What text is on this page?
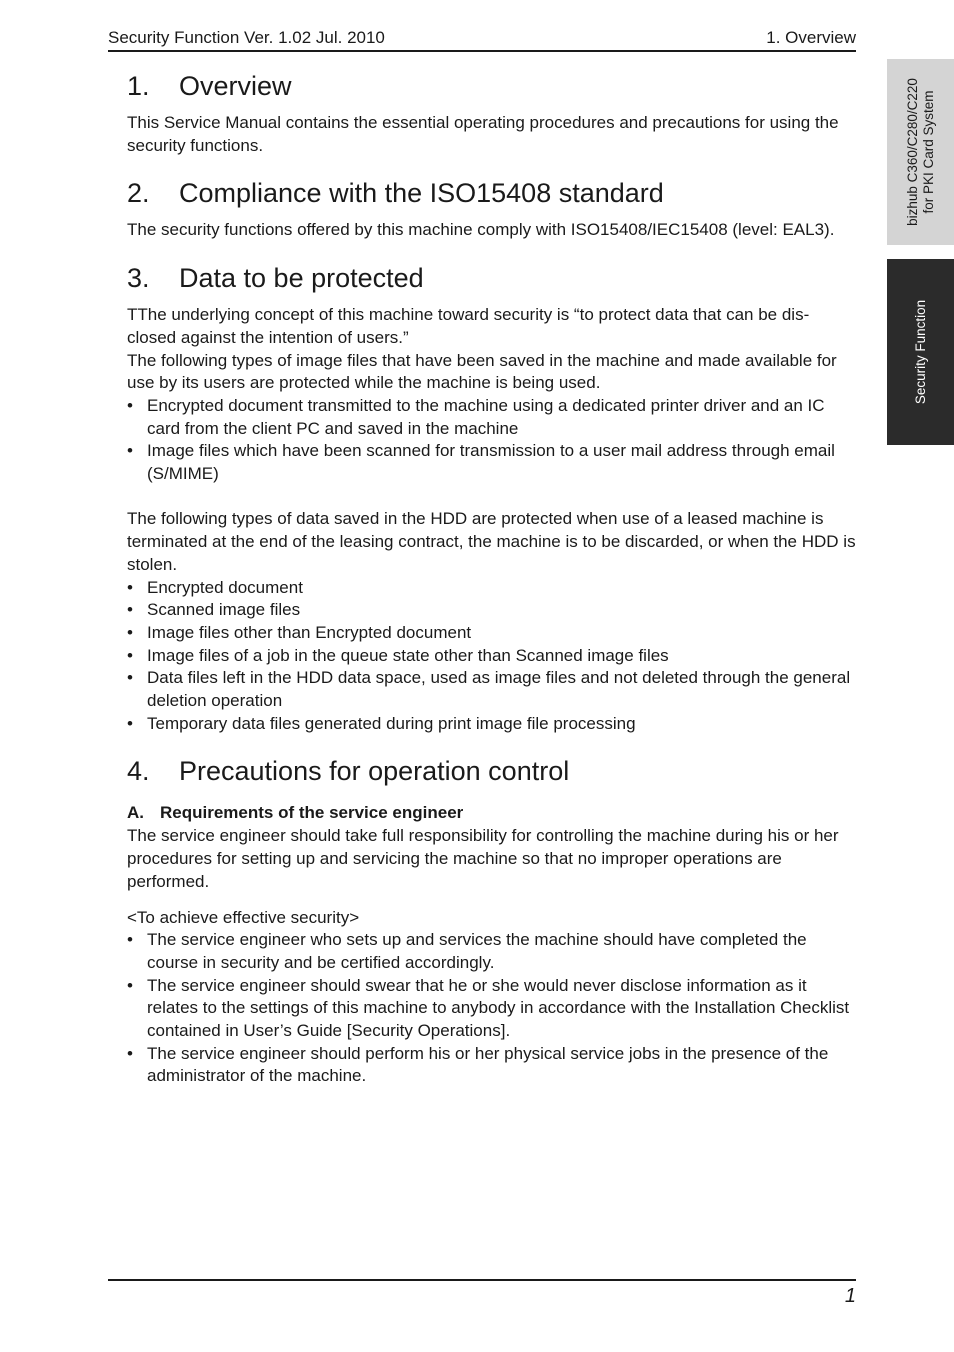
Security Function Ver. 1.02 Jul. 2010	1. Overview
bizhub C360/C280/C220 for PKI Card System
Security Function
1.	Overview

This Service Manual contains the essential operating procedures and precautions for using the security functions.

2.	Compliance with the ISO15408 standard

The security functions offered by this machine comply with ISO15408/IEC15408 (level: EAL3).

3.	Data to be protected

TThe underlying concept of this machine toward security is “to protect data that can be dis-closed against the intention of users.”

The following types of image files that have been saved in the machine and made available for use by its users are protected while the machine is being used.

• Encrypted document transmitted to the machine using a dedicated printer driver and an IC card from the client PC and saved in the machine
• Image files which have been scanned for transmission to a user mail address through email (S/MIME)

The following types of data saved in the HDD are protected when use of a leased machine is terminated at the end of the leasing contract, the machine is to be discarded, or when the HDD is stolen.

• Encrypted document
• Scanned image files
• Image files other than Encrypted document
• Image files of a job in the queue state other than Scanned image files
• Data files left in the HDD data space, used as image files and not deleted through the general deletion operation
• Temporary data files generated during print image file processing
4.	Precautions for operation control
A. Requirements of the service engineer

The service engineer should take full responsibility for controlling the machine during his or her procedures for setting up and servicing the machine so that no improper operations are performed.

<To achieve effective security>

• The service engineer who sets up and services the machine should have completed the course in security and be certified accordingly.
• The service engineer should swear that he or she would never disclose information as it relates to the settings of this machine to anybody in accordance with the Installation Checklist contained in User’s Guide [Security Operations].
• The service engineer should perform his or her physical service jobs in the presence of the administrator of the machine.
1
